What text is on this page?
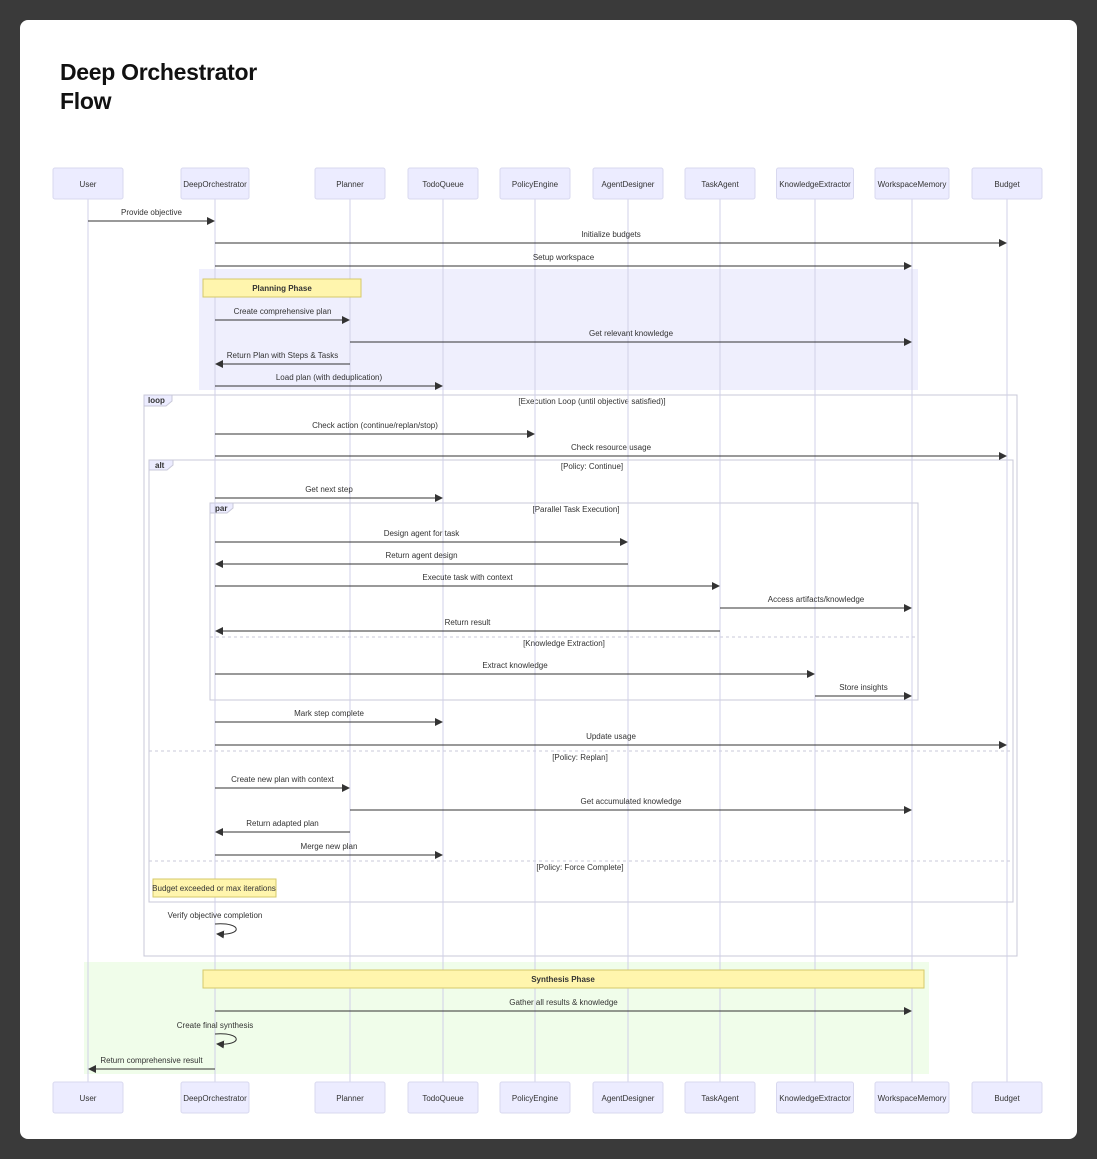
Deep Orchestrator
Flow
loop	[Execution Loop (until objective satisfied)]
alt	[Policy: Continue]
[Policy: Replan]
[Policy: Force Complete]
par	[Parallel Task Execution]
[Knowledge Extraction]
Planning Phase
Budget exceeded or max iterations
Synthesis Phase
Provide objective
Initialize budgets
Setup workspace
Create comprehensive plan
Get relevant knowledge
Return Plan with Steps & Tasks
Load plan (with deduplication)
Check action (continue/replan/stop)
Check resource usage
Get next step
Design agent for task
Return agent design
Execute task with context
Access artifacts/knowledge
Return result
Extract knowledge
Store insights
Mark step complete
Update usage
Create new plan with context
Get accumulated knowledge
Return adapted plan
Merge new plan
Verify objective completion
Gather all results & knowledge
Create final synthesis
Return comprehensive result
User
User
DeepOrchestrator
DeepOrchestrator
Planner
Planner
TodoQueue
TodoQueue
PolicyEngine
PolicyEngine
AgentDesigner
AgentDesigner
TaskAgent
TaskAgent
KnowledgeExtractor
KnowledgeExtractor
WorkspaceMemory
WorkspaceMemory
Budget
Budget
